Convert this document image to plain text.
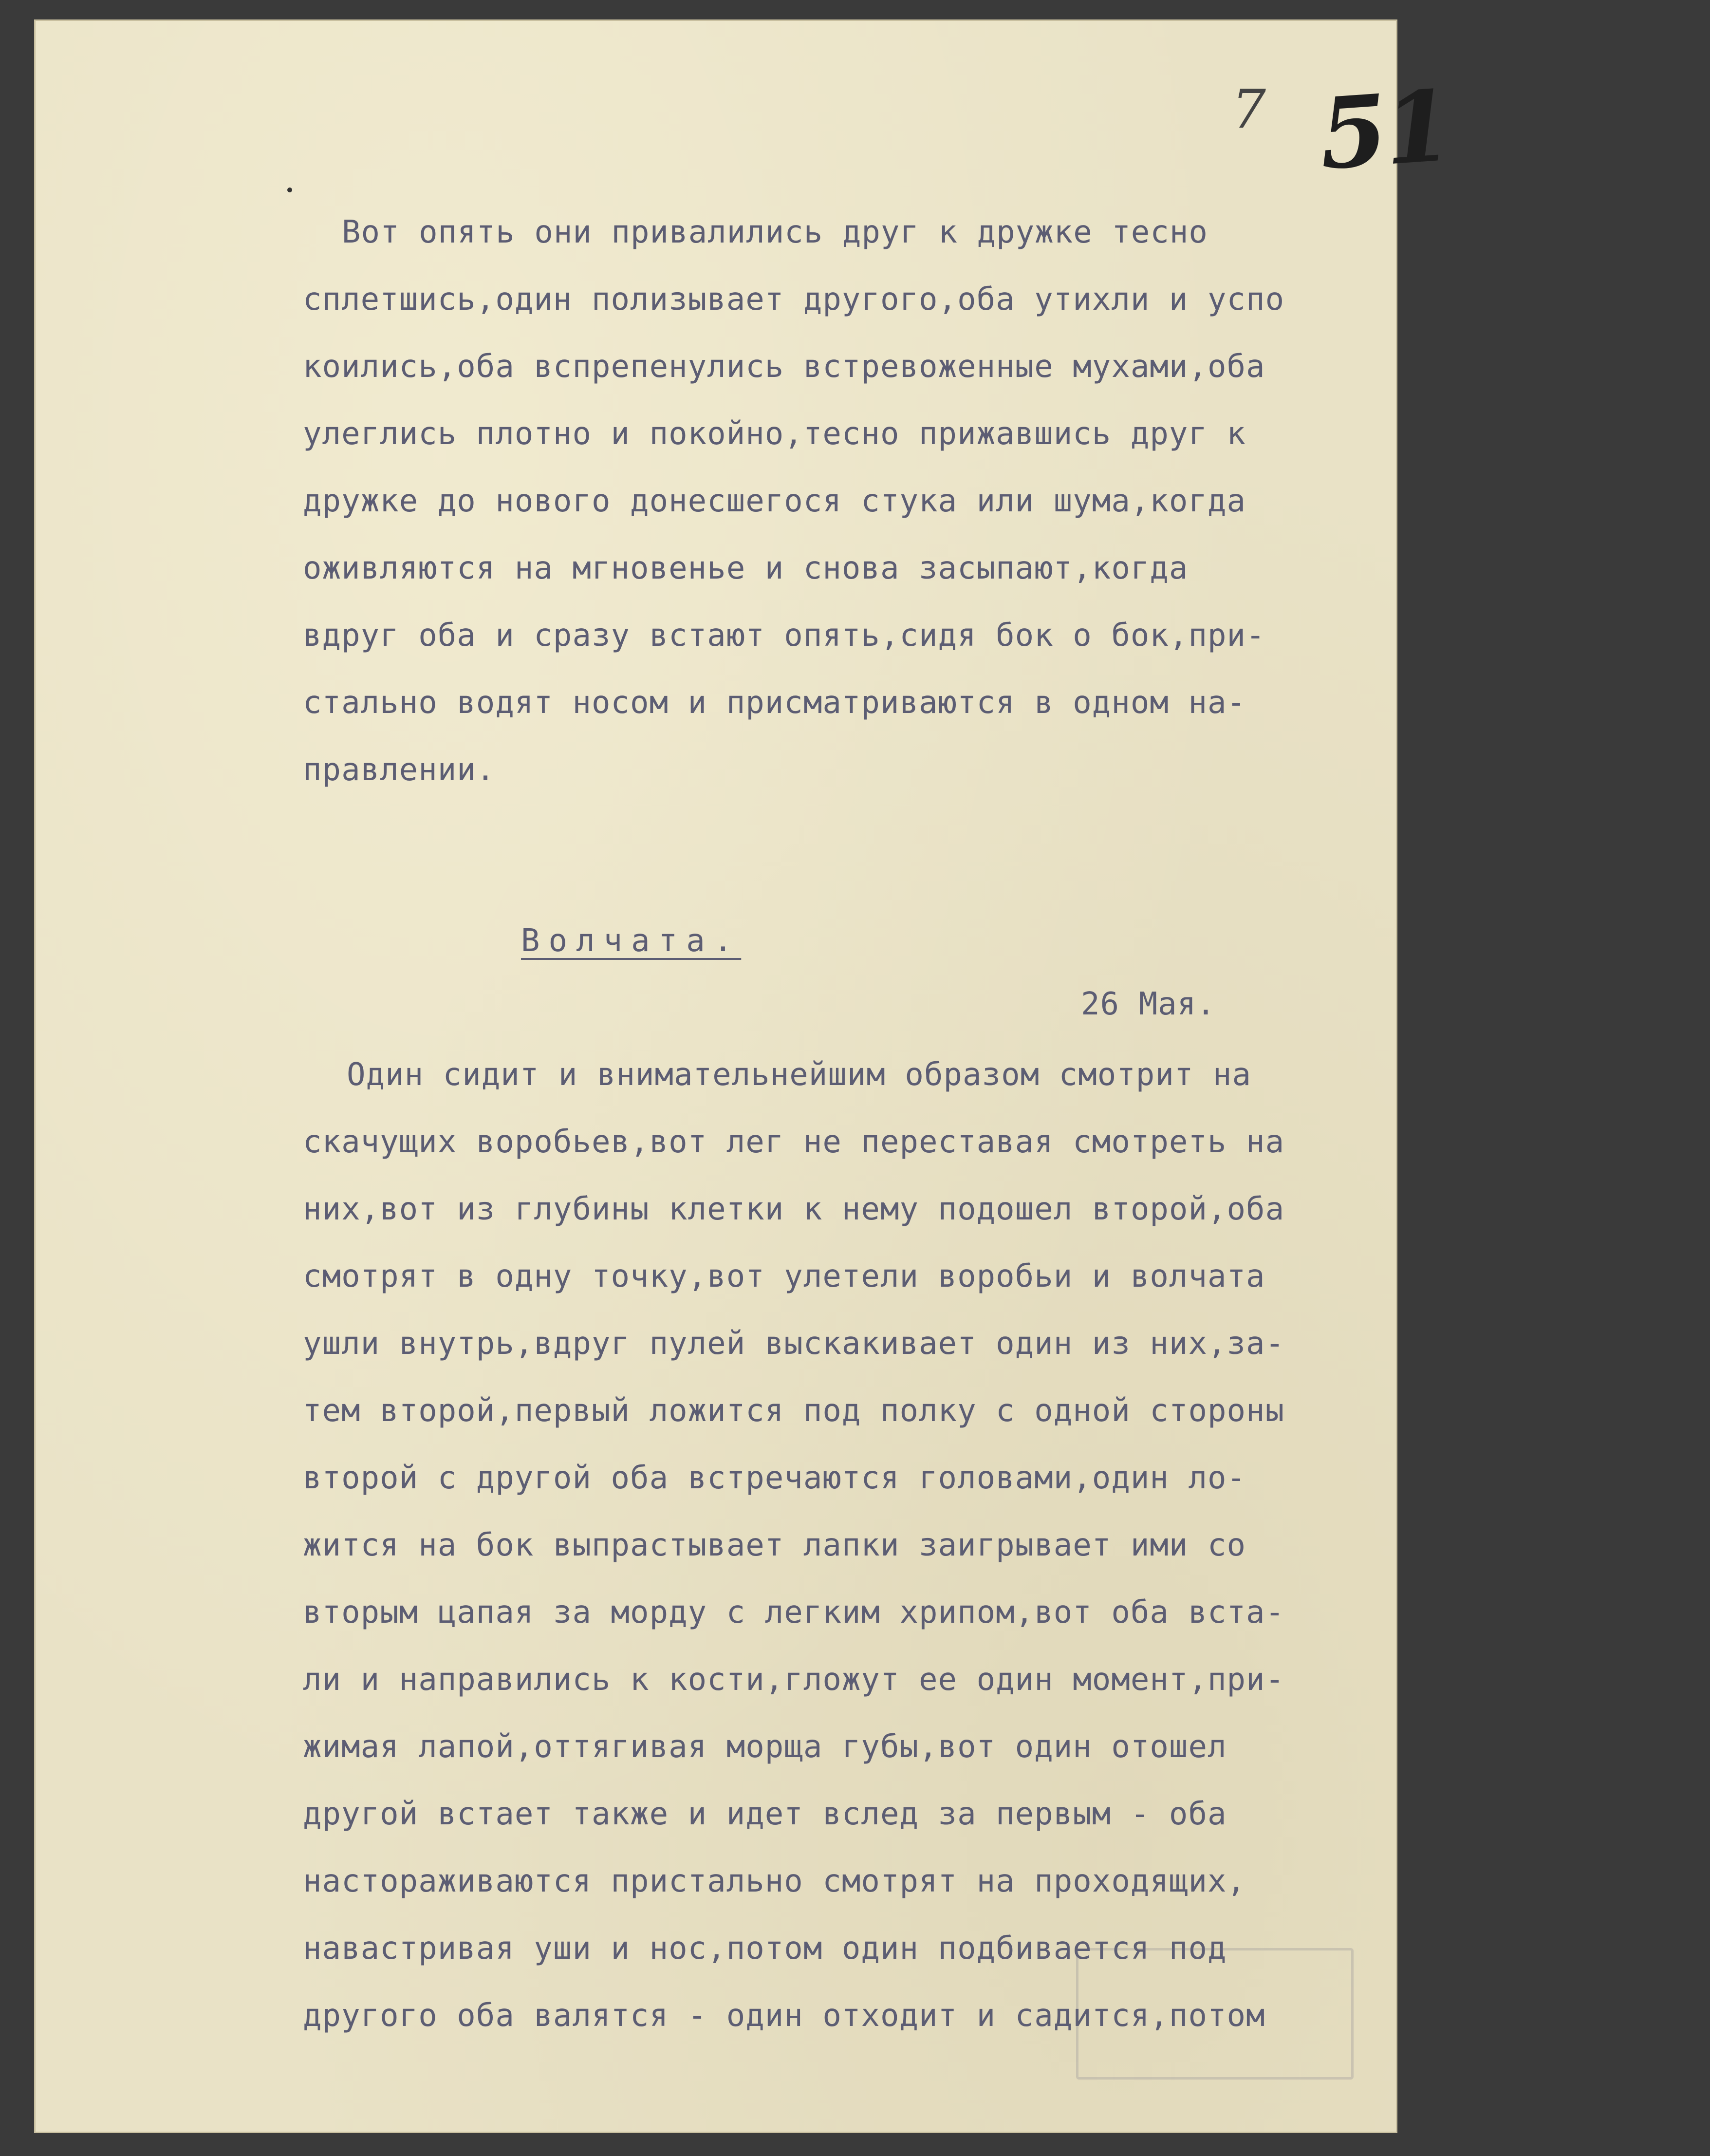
7 51
Вот опять они привалились друг к дружке тесно
сплетшись,один полизывает другого,оба утихли и успо
коились,оба вспрепенулись встревоженные мухами,оба
улеглись плотно и покойно,тесно прижавшись друг к
дружке до нового донесшегося стука или шума,когда
оживляются на мгновенье и снова засыпают,когда
вдруг оба и сразу встают опять,сидя бок о бок,при-
стально водят носом и присматриваются в одном на-
правлении.
Волчата.
26 Мая.
Один сидит и внимательнейшим образом смотрит на
скачущих воробьев,вот лег не переставая смотреть на
них,вот из глубины клетки к нему подошел второй,оба
смотрят в одну точку,вот улетели воробьи и волчата
ушли внутрь,вдруг пулей выскакивает один из них,за-
тем второй,первый ложится под полку с одной стороны
второй с другой оба встречаются головами,один ло-
жится на бок выпрастывает лапки заигрывает ими со
вторым цапая за морду с легким хрипом,вот оба вста-
ли и направились к кости,гложут ее один момент,при-
жимая лапой,оттягивая морща губы,вот один отошел
другой встает также и идет вслед за первым - оба
настораживаются пристально смотрят на проходящих,
навастривая уши и нос,потом один подбивается под
другого оба валятся - один отходит и садится,потом
